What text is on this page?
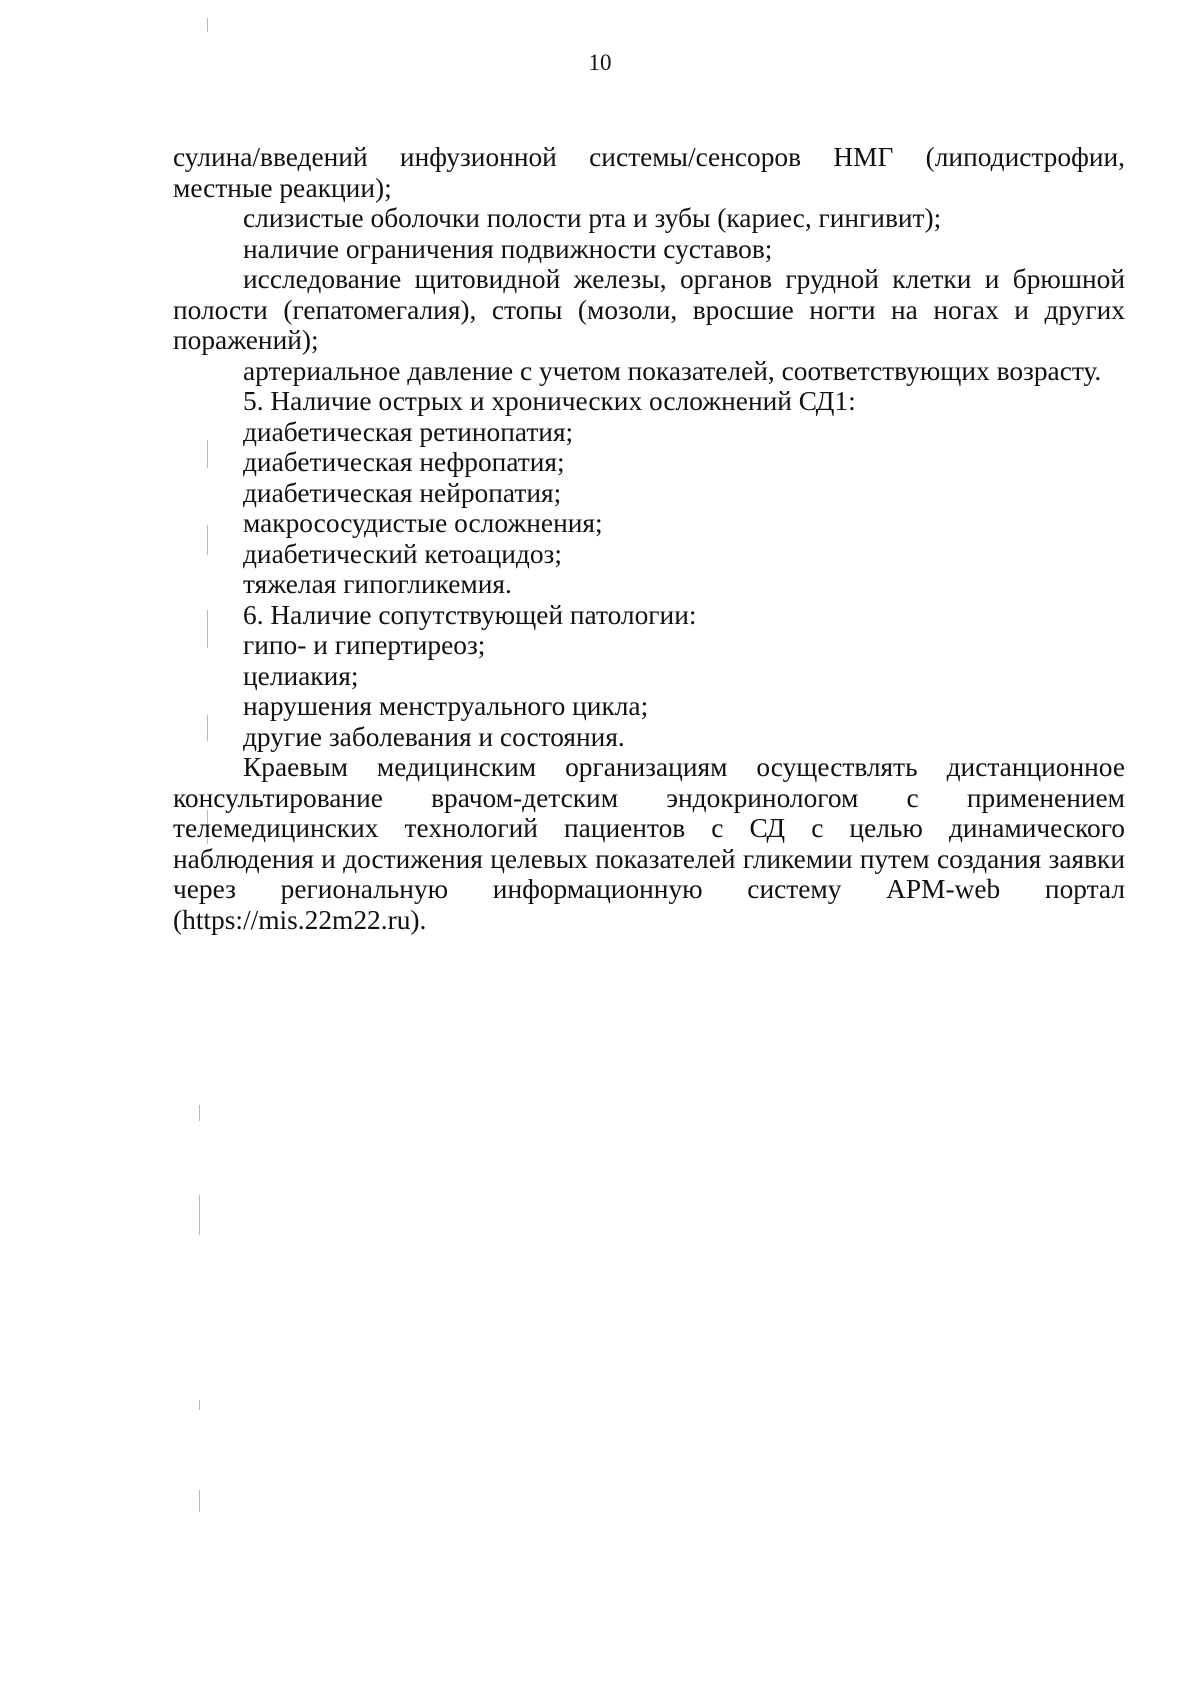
10

сулина/введений инфузионной системы/сенсоров НМГ (липодистрофии, местные реакции);

слизистые оболочки полости рта и зубы (кариес, гингивит);

наличие ограничения подвижности суставов;

исследование щитовидной железы, органов грудной клетки и брюшной полости (гепатомегалия), стопы (мозоли, вросшие ногти на ногах и других поражений);

артериальное давление с учетом показателей, соответствующих возрасту.

5. Наличие острых и хронических осложнений СД1:

диабетическая ретинопатия;

диабетическая нефропатия;

диабетическая нейропатия;

макрососудистые осложнения;

диабетический кетоацидоз;

тяжелая гипогликемия.

6. Наличие сопутствующей патологии:

гипо- и гипертиреоз;

целиакия;

нарушения менструального цикла;

другие заболевания и состояния.

Краевым медицинским организациям осуществлять дистанционное консультирование врачом-детским эндокринологом с применением телемедицинских технологий пациентов с СД с целью динамического наблюдения и достижения целевых показателей гликемии путем создания заявки через региональную информационную систему АРМ-web портал (https://mis.22m22.ru).
